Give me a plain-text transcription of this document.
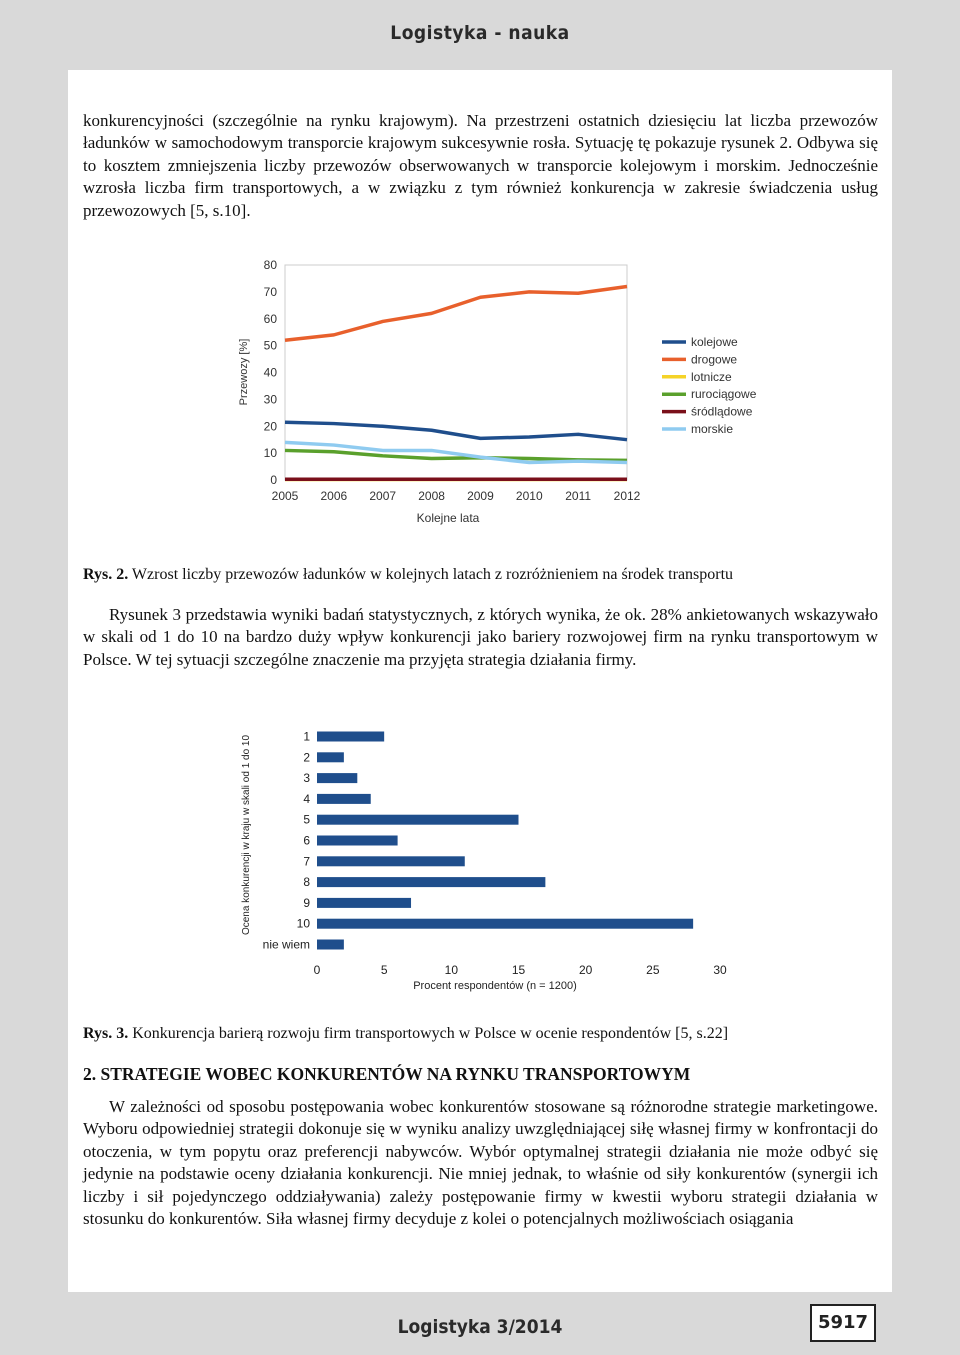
Logistyka - nauka

konkurencyjności (szczególnie na rynku krajowym). Na przestrzeni ostatnich dziesięciu lat liczba przewozów ładunków w samochodowym transporcie krajowym sukcesywnie rosła. Sytuację tę pokazuje rysunek 2. Odbywa się to kosztem zmniejszenia liczby przewozów obserwowanych w transporcie kolejowym i morskim. Jednocześnie wzrosła liczba firm transportowych, a w związku z tym również konkurencja w zakresie świadczenia usług przewozowych [5, s.10].

0
10
20
30
40
50
60
70
80
2005 2006 2007 2008 2009 2010 2011 2012
kolejowe
drogowe
lotnicze
rurociągowe
śródlądowe
morskie
Przewozy [%]
Kolejne lata

Rys. 2. Wzrost liczby przewozów ładunków w kolejnych latach z rozróżnieniem na środek transportu

Rysunek 3 przedstawia wyniki badań statystycznych, z których wynika, że ok. 28% ankietowanych wskazywało w skali od 1 do 10 na bardzo duży wpływ konkurencji jako bariery rozwojowej firm na rynku transportowym w Polsce. W tej sytuacji szczególne znaczenie ma przyjęta strategia działania firmy.

1
2
3
4
5
6
7
8
9
10
nie wiem
0	5	10	15	20	25	30
Ocena konkurencji w kraju w skali od 1 do 10
Procent respondentów (n = 1200)

Rys. 3. Konkurencja barierą rozwoju firm transportowych w Polsce w ocenie respondentów [5, s.22]

2. STRATEGIE WOBEC KONKURENTÓW NA RYNKU TRANSPORTOWYM

W zależności od sposobu postępowania wobec konkurentów stosowane są różnorodne strategie marketingowe. Wyboru odpowiedniej strategii dokonuje się w wyniku analizy uwzględniającej siłę własnej firmy w konfrontacji do otoczenia, w tym popytu oraz preferencji nabywców. Wybór optymalnej strategii działania nie może odbyć się jedynie na podstawie oceny działania konkurencji. Nie mniej jednak, to właśnie od siły konkurentów (synergii ich liczby i sił pojedynczego oddziaływania) zależy postępowanie firmy w kwestii wyboru strategii działania w stosunku do konkurentów. Siła własnej firmy decyduje z kolei o potencjalnych możliwościach osiągania

Logistyka 3/2014	5917
